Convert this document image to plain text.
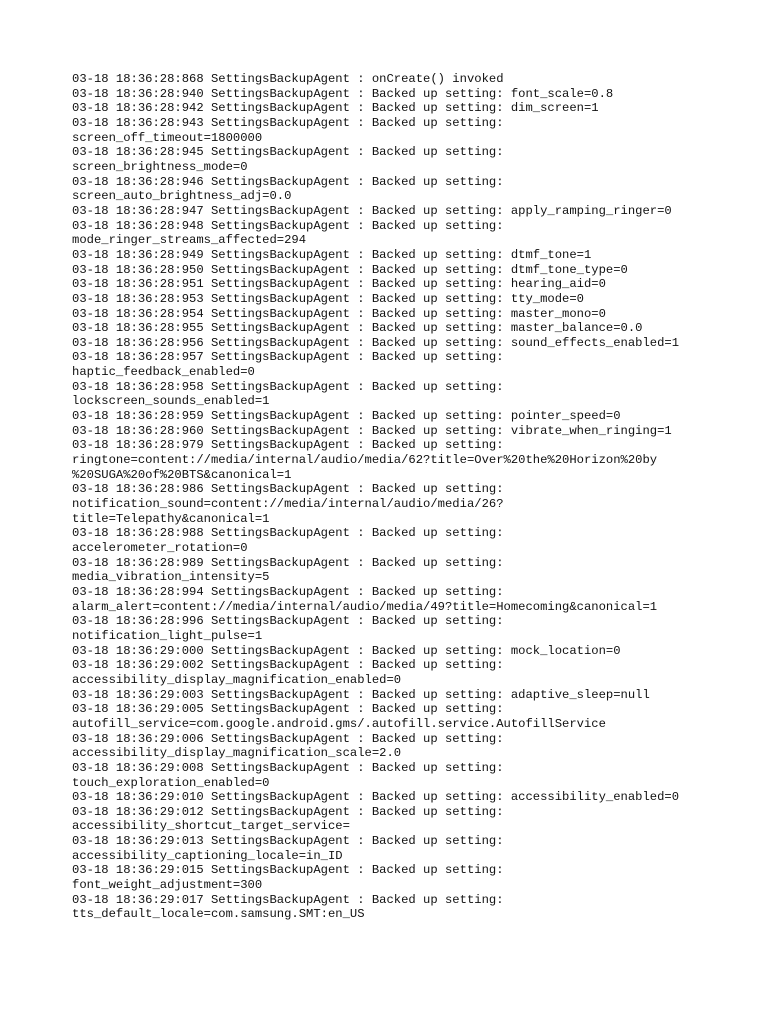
03-18 18:36:28:868 SettingsBackupAgent : onCreate() invoked
03-18 18:36:28:940 SettingsBackupAgent : Backed up setting: font_scale=0.8
03-18 18:36:28:942 SettingsBackupAgent : Backed up setting: dim_screen=1
03-18 18:36:28:943 SettingsBackupAgent : Backed up setting:
screen_off_timeout=1800000
03-18 18:36:28:945 SettingsBackupAgent : Backed up setting:
screen_brightness_mode=0
03-18 18:36:28:946 SettingsBackupAgent : Backed up setting:
screen_auto_brightness_adj=0.0
03-18 18:36:28:947 SettingsBackupAgent : Backed up setting: apply_ramping_ringer=0
03-18 18:36:28:948 SettingsBackupAgent : Backed up setting:
mode_ringer_streams_affected=294
03-18 18:36:28:949 SettingsBackupAgent : Backed up setting: dtmf_tone=1
03-18 18:36:28:950 SettingsBackupAgent : Backed up setting: dtmf_tone_type=0
03-18 18:36:28:951 SettingsBackupAgent : Backed up setting: hearing_aid=0
03-18 18:36:28:953 SettingsBackupAgent : Backed up setting: tty_mode=0
03-18 18:36:28:954 SettingsBackupAgent : Backed up setting: master_mono=0
03-18 18:36:28:955 SettingsBackupAgent : Backed up setting: master_balance=0.0
03-18 18:36:28:956 SettingsBackupAgent : Backed up setting: sound_effects_enabled=1
03-18 18:36:28:957 SettingsBackupAgent : Backed up setting:
haptic_feedback_enabled=0
03-18 18:36:28:958 SettingsBackupAgent : Backed up setting:
lockscreen_sounds_enabled=1
03-18 18:36:28:959 SettingsBackupAgent : Backed up setting: pointer_speed=0
03-18 18:36:28:960 SettingsBackupAgent : Backed up setting: vibrate_when_ringing=1
03-18 18:36:28:979 SettingsBackupAgent : Backed up setting:
ringtone=content://media/internal/audio/media/62?title=Over%20the%20Horizon%20by
%20SUGA%20of%20BTS&canonical=1
03-18 18:36:28:986 SettingsBackupAgent : Backed up setting:
notification_sound=content://media/internal/audio/media/26?
title=Telepathy&canonical=1
03-18 18:36:28:988 SettingsBackupAgent : Backed up setting:
accelerometer_rotation=0
03-18 18:36:28:989 SettingsBackupAgent : Backed up setting:
media_vibration_intensity=5
03-18 18:36:28:994 SettingsBackupAgent : Backed up setting:
alarm_alert=content://media/internal/audio/media/49?title=Homecoming&canonical=1
03-18 18:36:28:996 SettingsBackupAgent : Backed up setting:
notification_light_pulse=1
03-18 18:36:29:000 SettingsBackupAgent : Backed up setting: mock_location=0
03-18 18:36:29:002 SettingsBackupAgent : Backed up setting:
accessibility_display_magnification_enabled=0
03-18 18:36:29:003 SettingsBackupAgent : Backed up setting: adaptive_sleep=null
03-18 18:36:29:005 SettingsBackupAgent : Backed up setting:
autofill_service=com.google.android.gms/.autofill.service.AutofillService
03-18 18:36:29:006 SettingsBackupAgent : Backed up setting:
accessibility_display_magnification_scale=2.0
03-18 18:36:29:008 SettingsBackupAgent : Backed up setting:
touch_exploration_enabled=0
03-18 18:36:29:010 SettingsBackupAgent : Backed up setting: accessibility_enabled=0
03-18 18:36:29:012 SettingsBackupAgent : Backed up setting:
accessibility_shortcut_target_service=
03-18 18:36:29:013 SettingsBackupAgent : Backed up setting:
accessibility_captioning_locale=in_ID
03-18 18:36:29:015 SettingsBackupAgent : Backed up setting:
font_weight_adjustment=300
03-18 18:36:29:017 SettingsBackupAgent : Backed up setting:
tts_default_locale=com.samsung.SMT:en_US
